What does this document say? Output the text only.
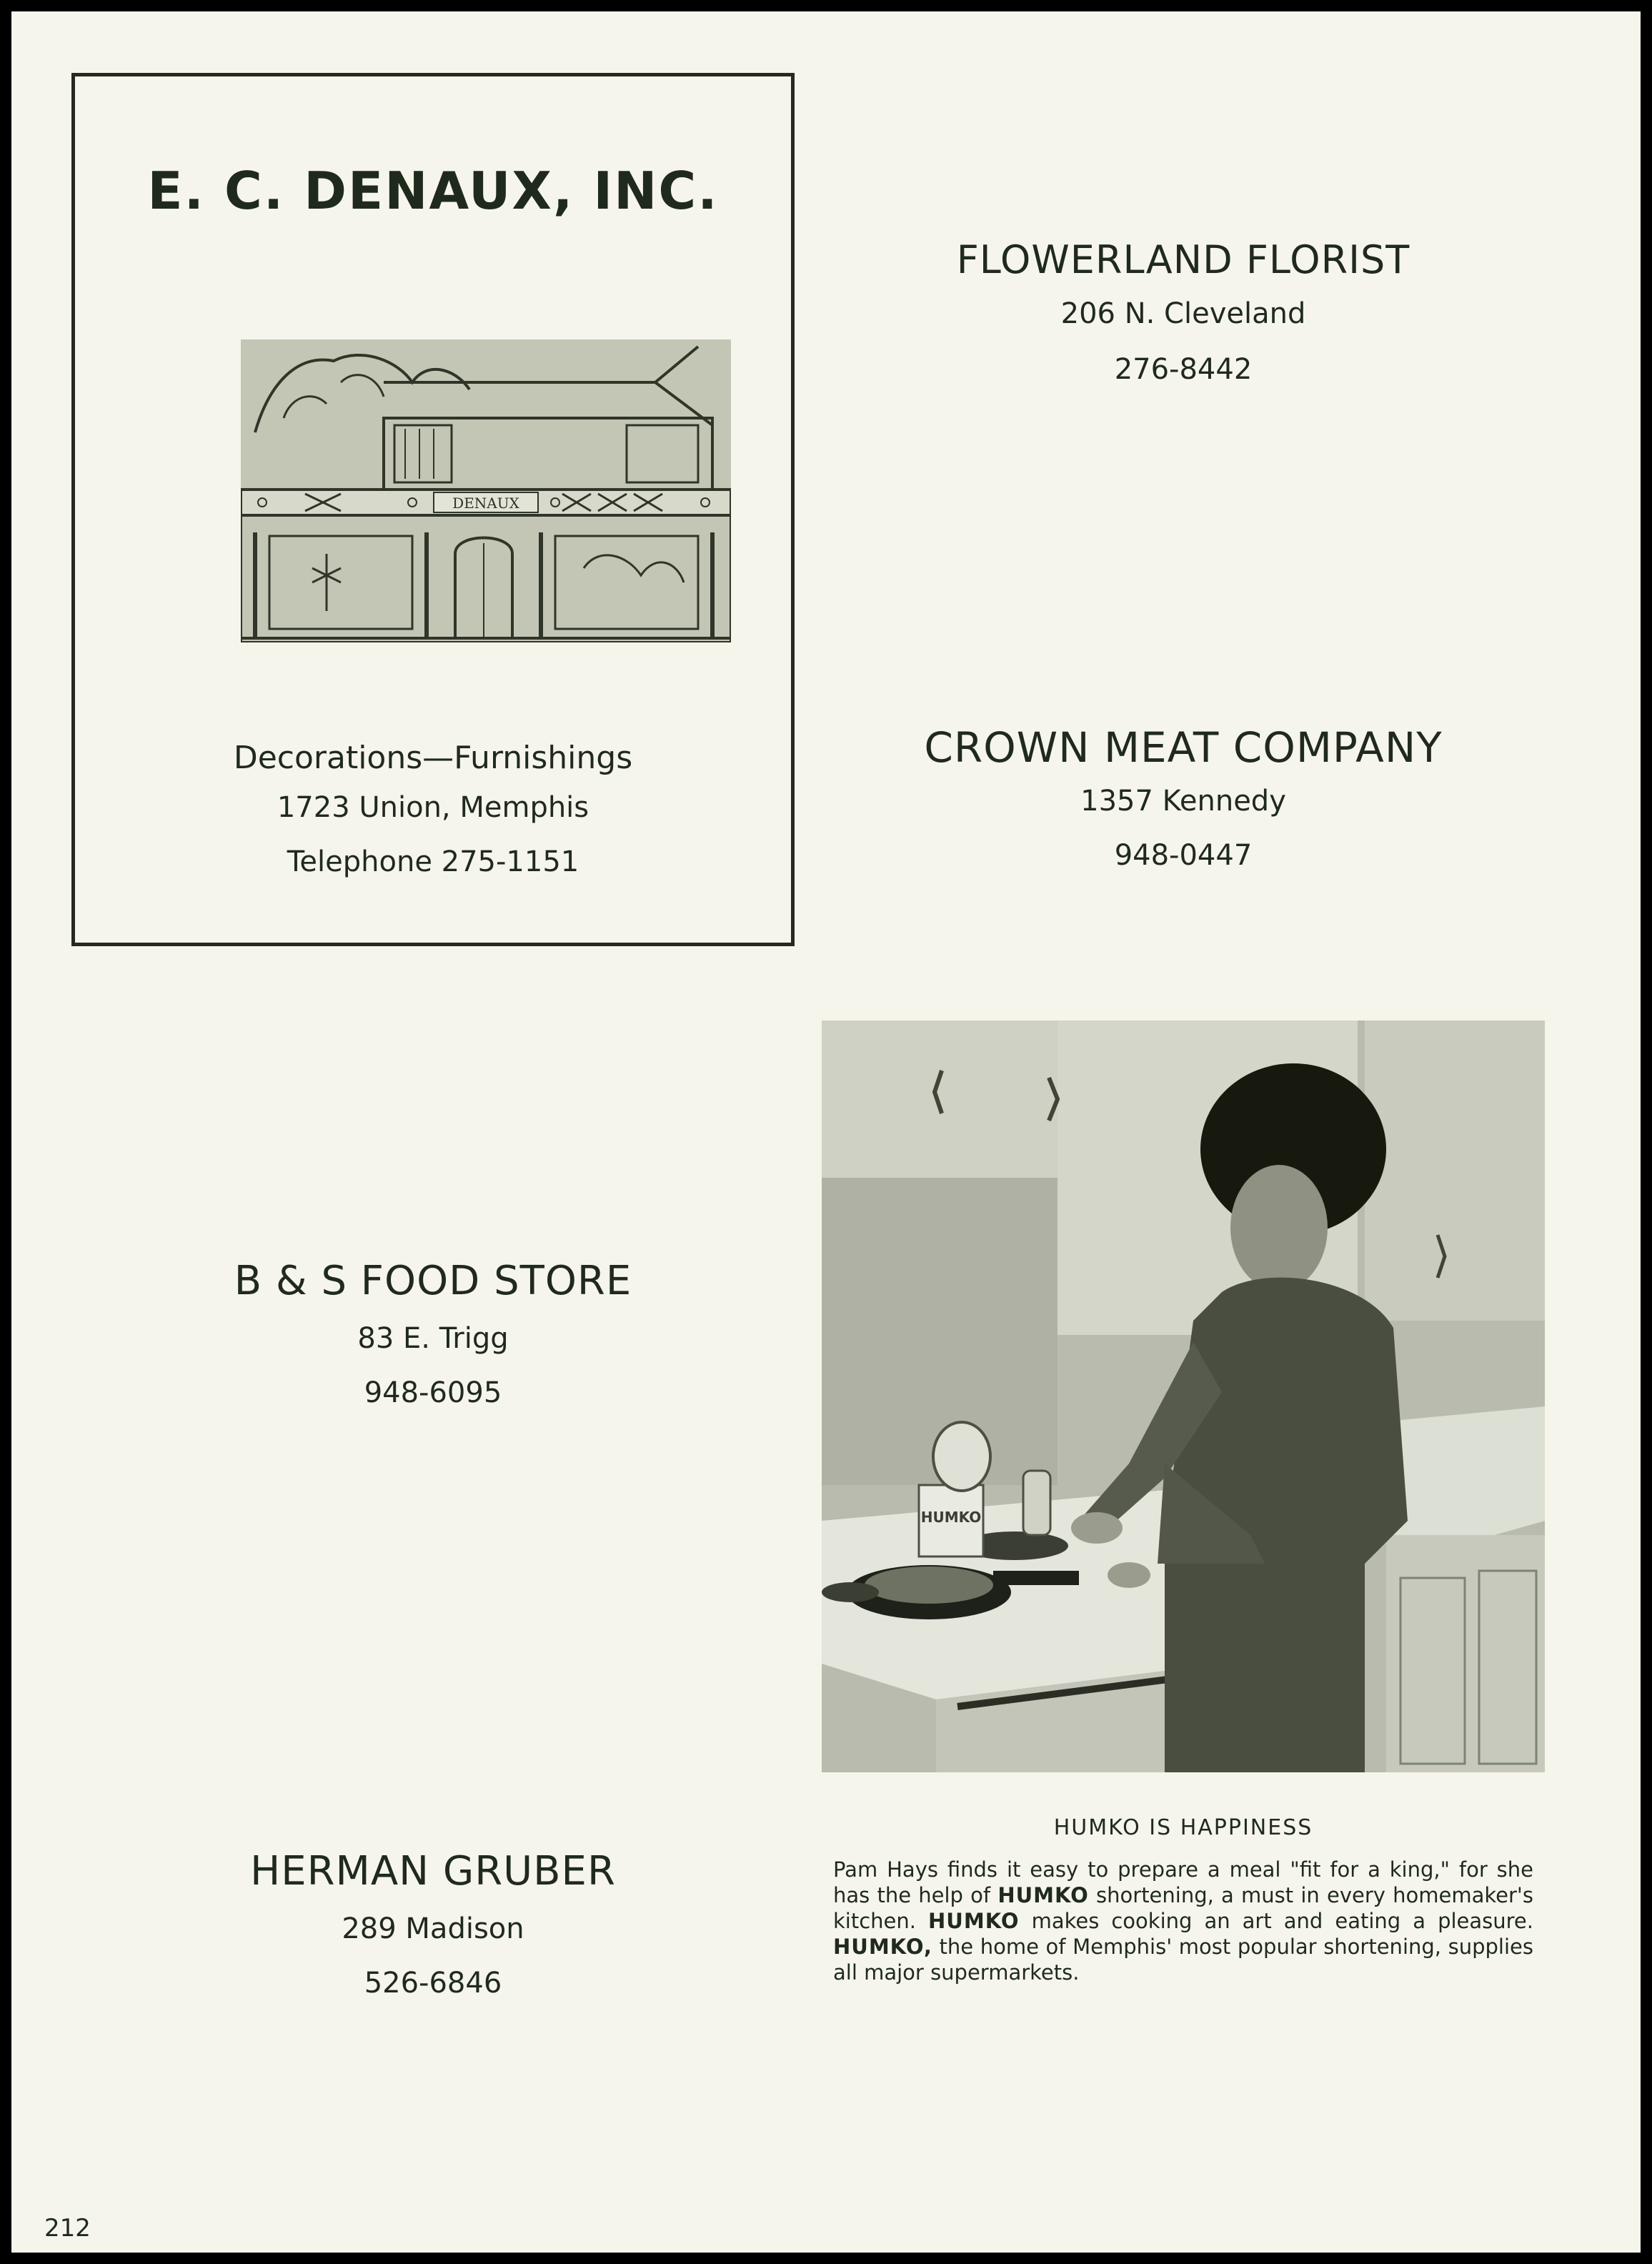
E. C. DENAUX, INC.
DENAUX
Decorations—Furnishings
1723 Union, Memphis
Telephone 275-1151
FLOWERLAND FLORIST
206 N. Cleveland
276-8442
CROWN MEAT COMPANY
1357 Kennedy
948-0447
B & S FOOD STORE
83 E. Trigg
948-6095
HERMAN GRUBER
289 Madison
526-6846
HUMKO
HUMKO IS HAPPINESS
Pam Hays finds it easy to prepare a meal "fit for a king," for she has the help of HUMKO shortening, a must in every homemaker's kitchen. HUMKO makes cooking an art and eating a pleasure. HUMKO, the home of Memphis' most popular shortening, supplies all major supermarkets.
212
